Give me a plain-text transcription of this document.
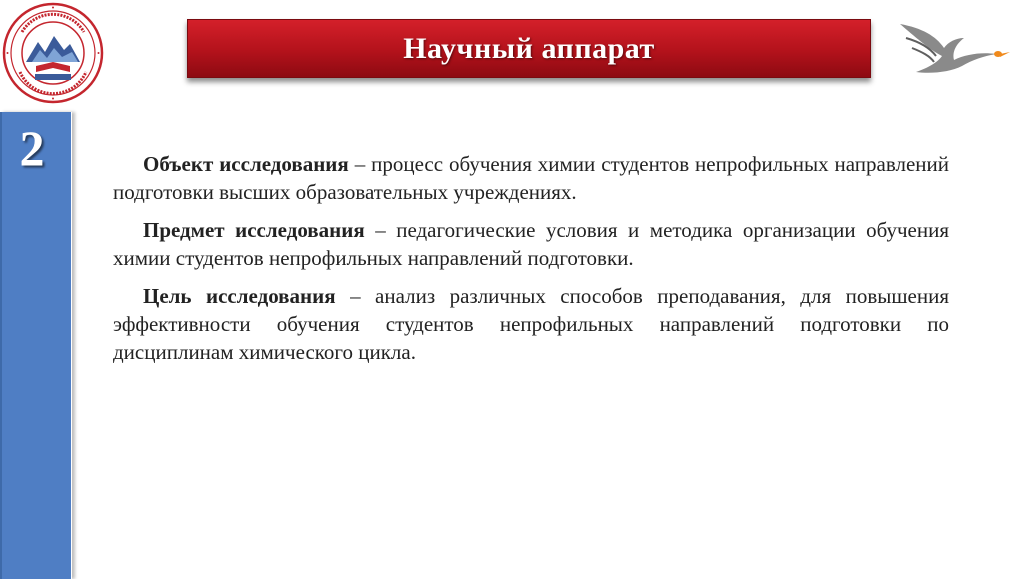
2
Научный аппарат

Объект исследования – процесс обучения химии студентов непрофильных направлений подготовки высших образовательных учреждениях.

Предмет исследования – педагогические условия и методика организации обучения химии студентов непрофильных направлений подготовки.

Цель исследования – анализ различных способов преподавания, для повышения эффективности обучения студентов непрофильных направлений подготовки по дисциплинам химического цикла.
